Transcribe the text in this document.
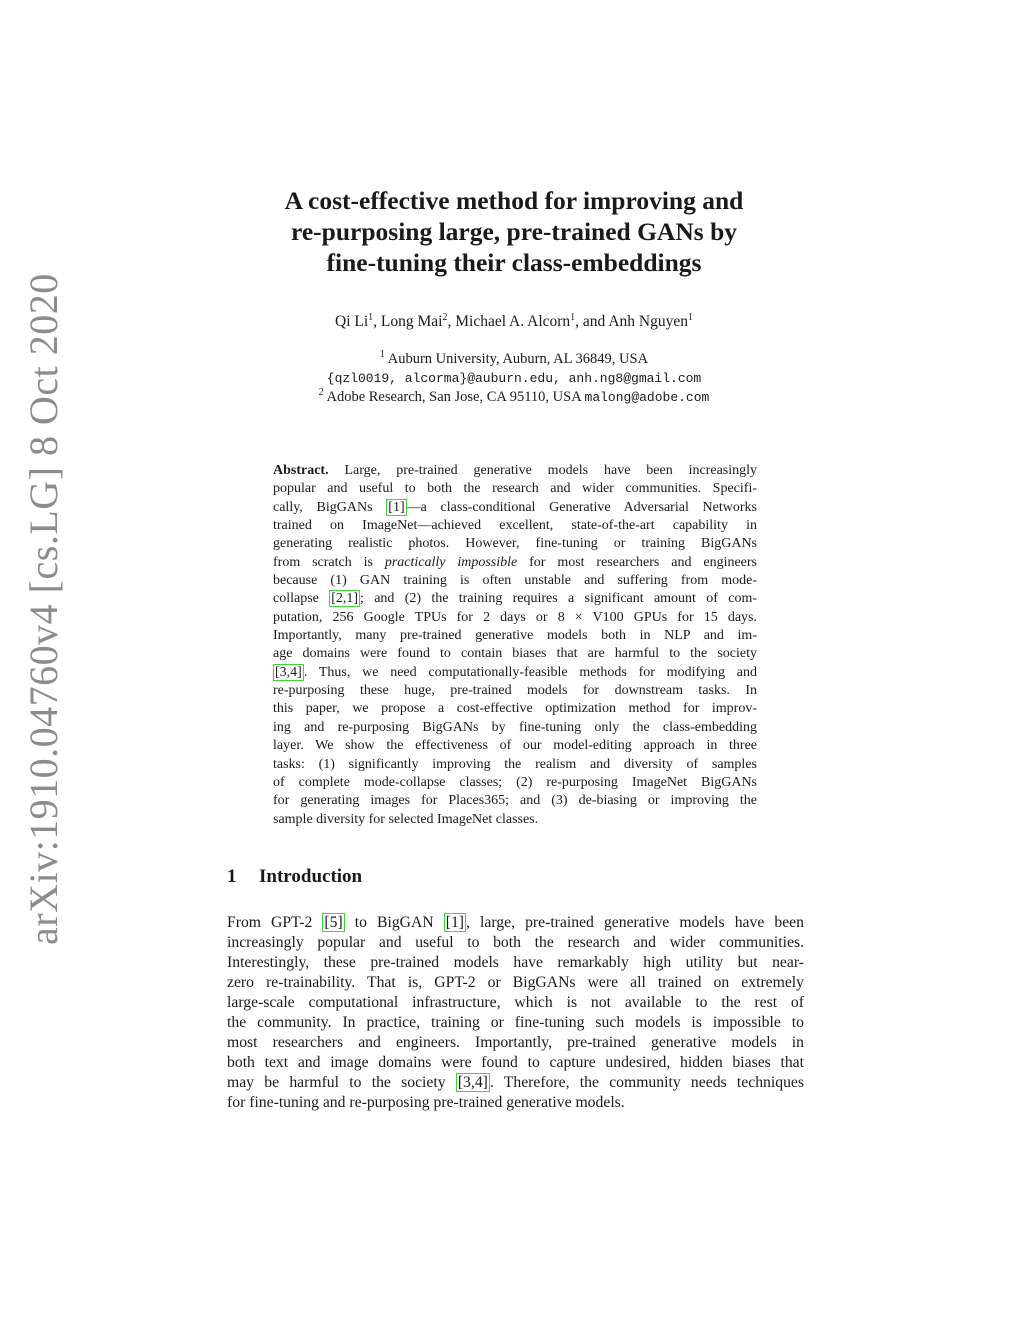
arXiv:1910.04760v4 [cs.LG] 8 Oct 2020
A cost-effective method for improving and
re-purposing large, pre-trained GANs by
fine-tuning their class-embeddings
Qi Li$^1$, Long Mai$^2$, Michael A. Alcorn$^1$, and Anh Nguyen$^1$
$^1$ Auburn University, Auburn, AL 36849, USA
{qzl0019, alcorma}@auburn.edu, anh.ng8@gmail.com
$^2$ Adobe Research, San Jose, CA 95110, USA malong@adobe.com
Abstract. Large, pre-trained generative models have been increasingly
popular and useful to both the research and wider communities. Specifi-
cally, BigGANs [1] —a class-conditional Generative Adversarial Networks
trained on ImageNet—achieved excellent, state-of-the-art capability in
generating realistic photos. However, fine-tuning or training BigGANs
from scratch is practically impossible for most researchers and engineers
because (1) GAN training is often unstable and suffering from mode-
collapse [2,1] ; and (2) the training requires a significant amount of com-
putation, 256 Google TPUs for 2 days or 8 × V100 GPUs for 15 days.
Importantly, many pre-trained generative models both in NLP and im-
age domains were found to contain biases that are harmful to the society
[3,4] . Thus, we need computationally-feasible methods for modifying and
re-purposing these huge, pre-trained models for downstream tasks. In
this paper, we propose a cost-effective optimization method for improv-
ing and re-purposing BigGANs by fine-tuning only the class-embedding
layer. We show the effectiveness of our model-editing approach in three
tasks: (1) significantly improving the realism and diversity of samples
of complete mode-collapse classes; (2) re-purposing ImageNet BigGANs
for generating images for Places365; and (3) de-biasing or improving the
sample diversity for selected ImageNet classes.
1 Introduction
From GPT-2 [5] to BigGAN [1] , large, pre-trained generative models have been
increasingly popular and useful to both the research and wider communities.
Interestingly, these pre-trained models have remarkably high utility but near-
zero re-trainability. That is, GPT-2 or BigGANs were all trained on extremely
large-scale computational infrastructure, which is not available to the rest of
the community. In practice, training or fine-tuning such models is impossible to
most researchers and engineers. Importantly, pre-trained generative models in
both text and image domains were found to capture undesired, hidden biases that
may be harmful to the society [3,4] . Therefore, the community needs techniques
for fine-tuning and re-purposing pre-trained generative models.
